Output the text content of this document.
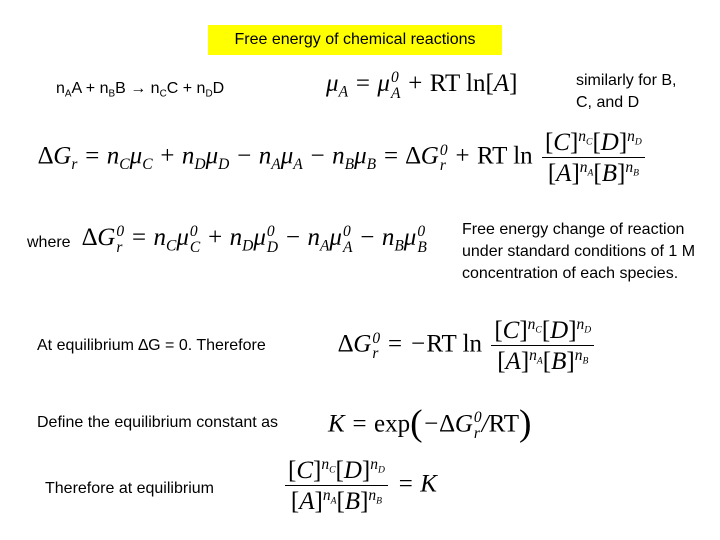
Free energy of chemical reactions
$n_AA + n_BB \to n_CC + n_DD$	$\mu_A = \mu$ 0
A + RT ln[A]	similarly for B, C, and D
$\Delta G_r = n_C\mu_C + n_D\mu_D - n_A\mu_A - n_B\mu_B = \Delta G$ 0
r + RT $\ln \frac{[C]^{n_C}[D]^{n_D}}{[A]^{n_A}[B]^{n_B}}$
where ∆G 0
$r = n_C\mu$ 0
$C + n_D\mu$ 0
$D - n_A\mu$ 0
$A - n_B\mu$ 0
B
Free energy change of reaction under standard conditions of 1 M concentration of each species.
At equilibrium ∆G = 0. Therefore	∆G 0
r = −RT $\ln \frac{[C]^{n_C}[D]^{n_D}}{[A]^{n_A}[B]^{n_B}}$
Define the equilibrium constant as K = exp(−∆G 0
r /RT)
Therefore at equilibrium	$\frac{[C]^{n_C}[D]^{n_D}}{[A]^{n_A}[B]^{n_B}} = K$
